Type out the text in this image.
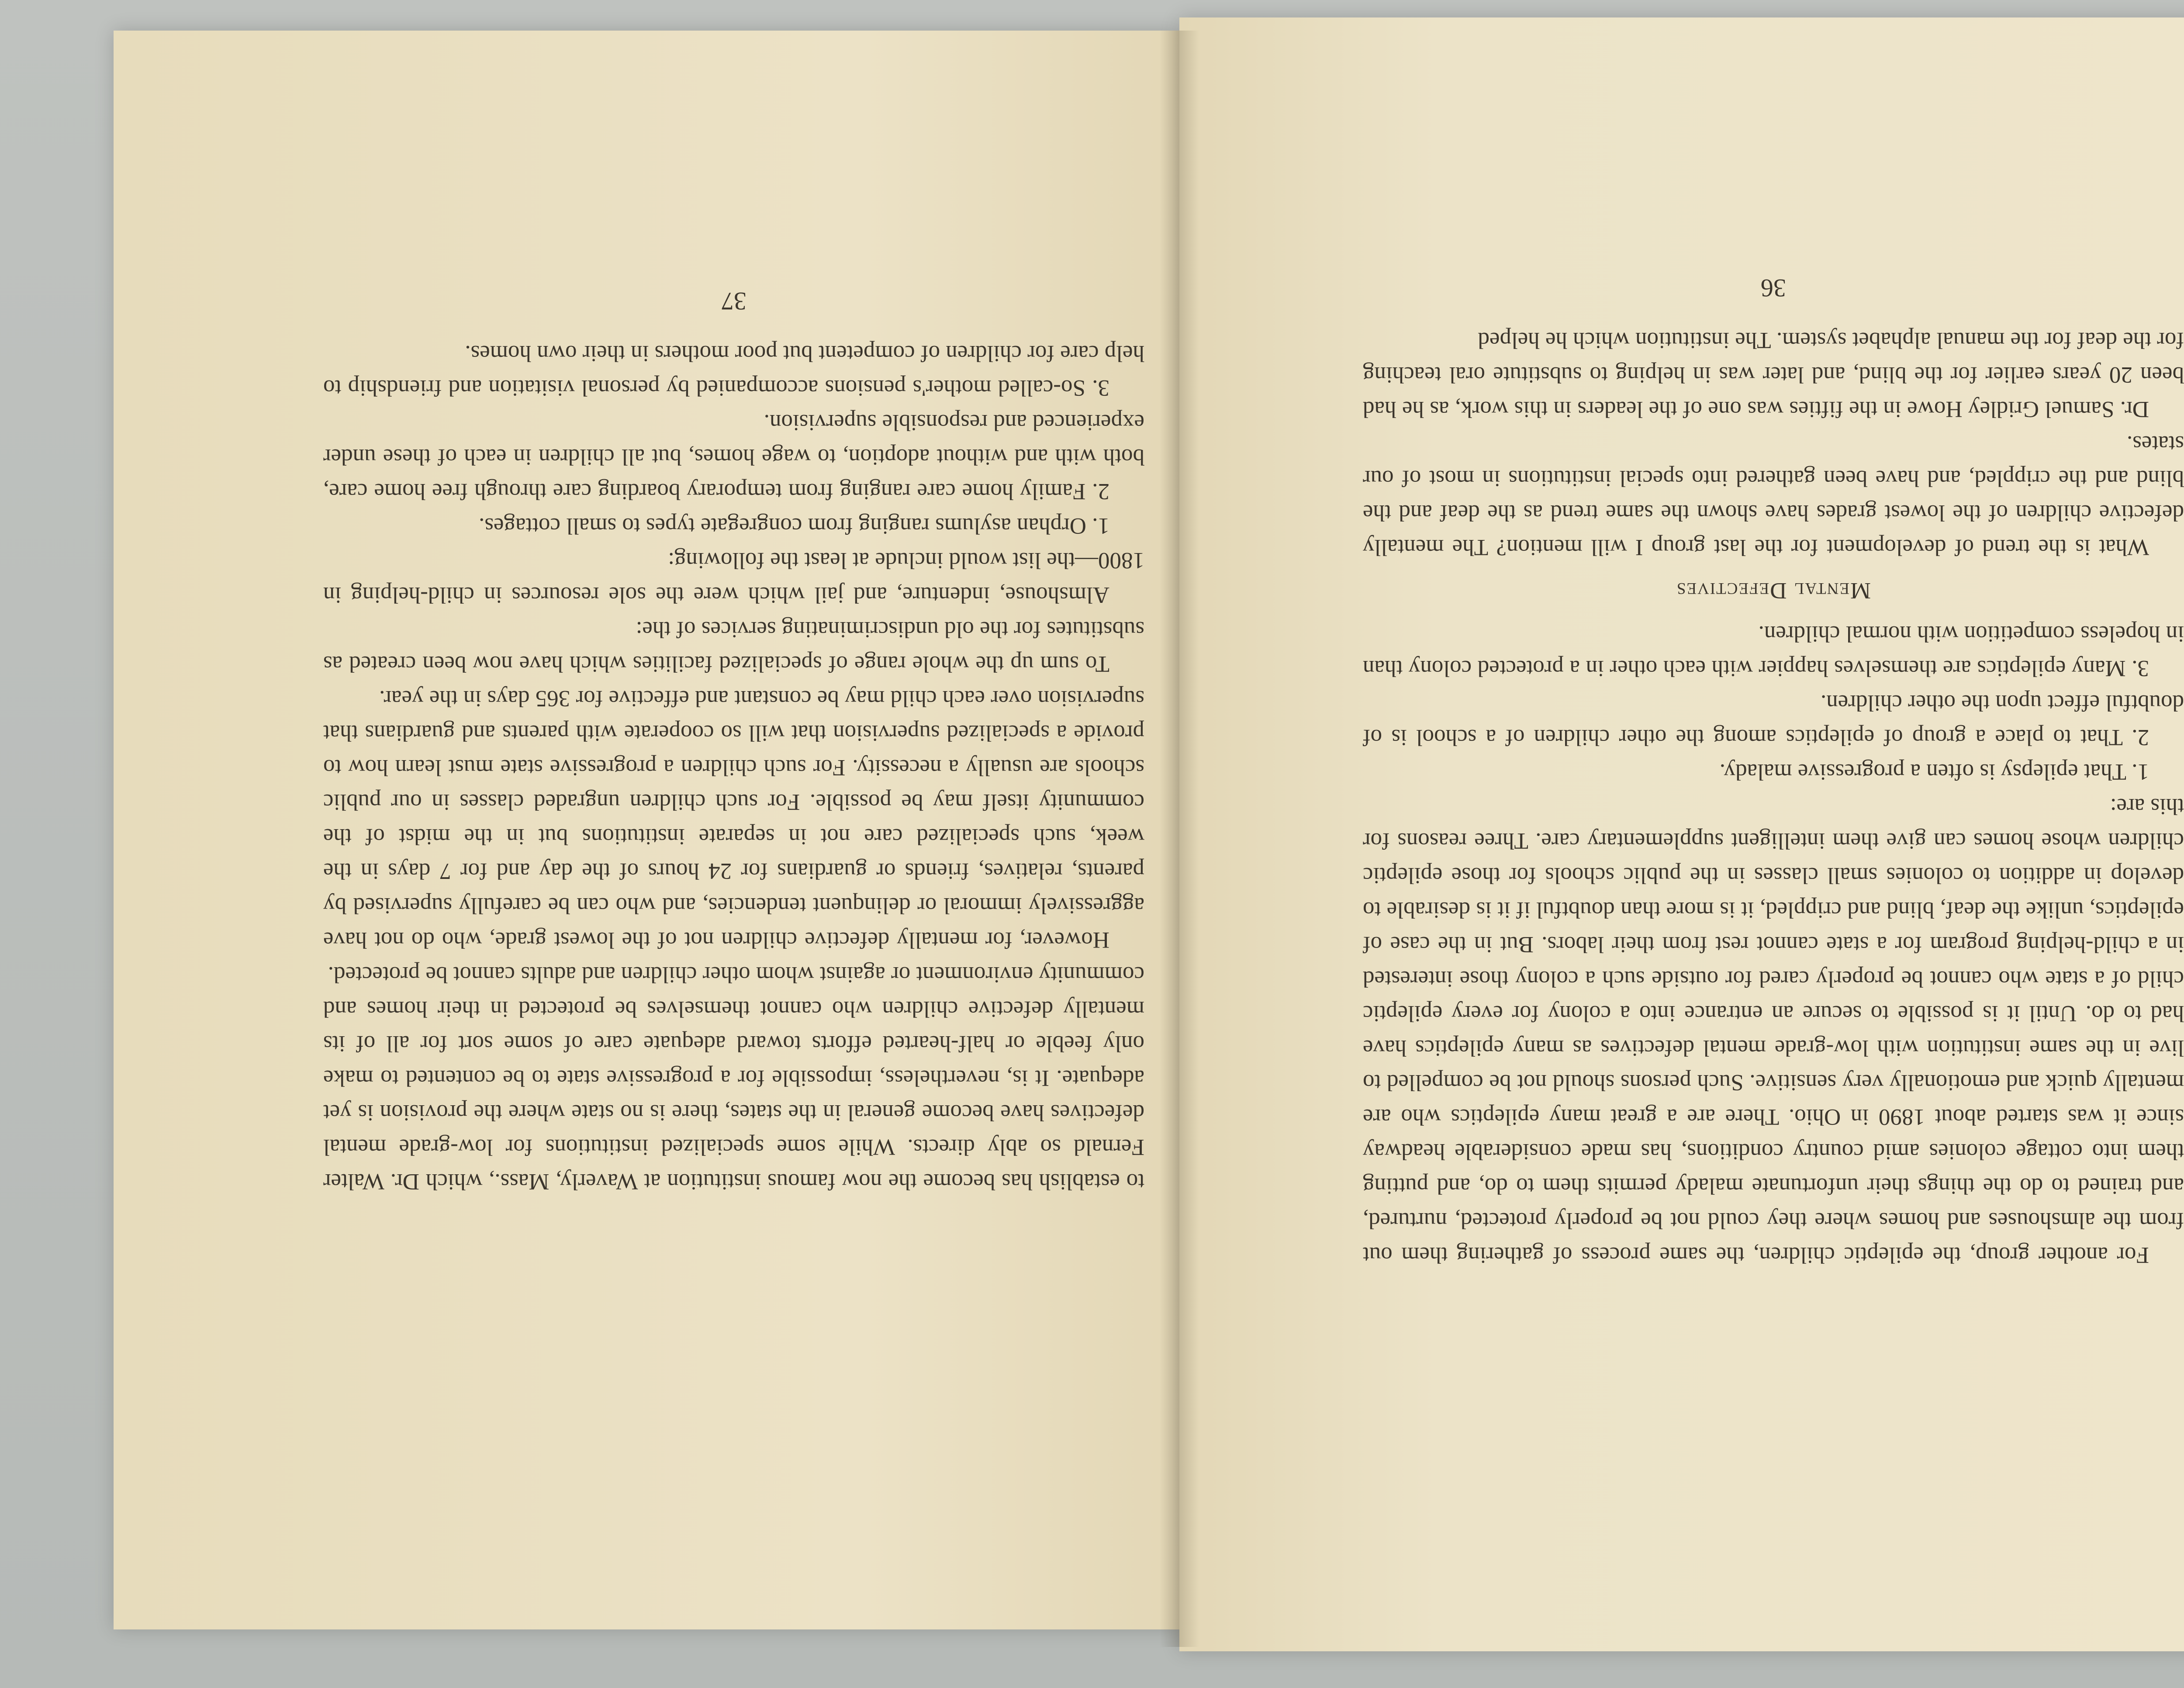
to establish has become the now famous institution at Waverly, Mass., which Dr. Walter Fernald so ably directs. While some specialized institutions for low-grade mental defectives have become general in the states, there is no state where the provision is yet adequate. It is, nevertheless, impossible for a progressive state to be contented to make only feeble or half-hearted efforts toward adequate care of some sort for all of its mentally defective children who cannot themselves be protected in their homes and community environment or against whom other children and adults cannot be protected.

However, for mentally defective children not of the lowest grade, who do not have aggressively immoral or delinquent tendencies, and who can be carefully supervised by parents, relatives, friends or guardians for 24 hours of the day and for 7 days in the week, such specialized care not in separate institutions but in the midst of the community itself may be possible. For such children ungraded classes in our public schools are usually a necessity. For such children a progressive state must learn how to provide a specialized supervision that will so cooperate with parents and guardians that supervision over each child may be constant and effective for 365 days in the year.

To sum up the whole range of specialized facilities which have now been created as substitutes for the old undiscriminating services of the:

Almshouse, indenture, and jail which were the sole resources in child-helping in 1800—the list would include at least the following:

1. Orphan asylums ranging from congregate types to small cottages.

2. Family home care ranging from temporary boarding care through free home care, both with and without adoption, to wage homes, but all children in each of these under experienced and responsible supervision.

3. So-called mother's pensions accompanied by personal visitation and friendship to help care for children of competent but poor mothers in their own homes.

37

For another group, the epileptic children, the same process of gathering them out from the almshouses and homes where they could not be properly protected, nurtured, and trained to do the things their unfortunate malady permits them to do, and putting them into cottage colonies amid country conditions, has made considerable headway since it was started about 1890 in Ohio. There are a great many epileptics who are mentally quick and emotionally very sensitive. Such persons should not be compelled to live in the same institution with low-grade mental defectives as many epileptics have had to do. Until it is possible to secure an entrance into a colony for every epileptic child of a state who cannot be properly cared for outside such a colony those interested in a child-helping program for a state cannot rest from their labors. But in the case of epileptics, unlike the deaf, blind and crippled, it is more than doubtful if it is desirable to develop in addition to colonies small classes in the public schools for those epileptic children whose homes can give them intelligent supplementary care. Three reasons for this are:

1. That epilepsy is often a progressive malady.

2. That to place a group of epileptics among the other children of a school is of doubtful effect upon the other children.

3. Many epileptics are themselves happier with each other in a protected colony than in hopeless competition with normal children.

Mental Defectives

What is the trend of development for the last group I will mention? The mentally defective children of the lowest grades have shown the same trend as the deaf and the blind and the crippled, and have been gathered into special institutions in most of our states.

Dr. Samuel Gridley Howe in the fifties was one of the leaders in this work, as he had been 20 years earlier for the blind, and later was in helping to substitute oral teaching for the deaf for the manual alphabet system. The institution which he helped

36
